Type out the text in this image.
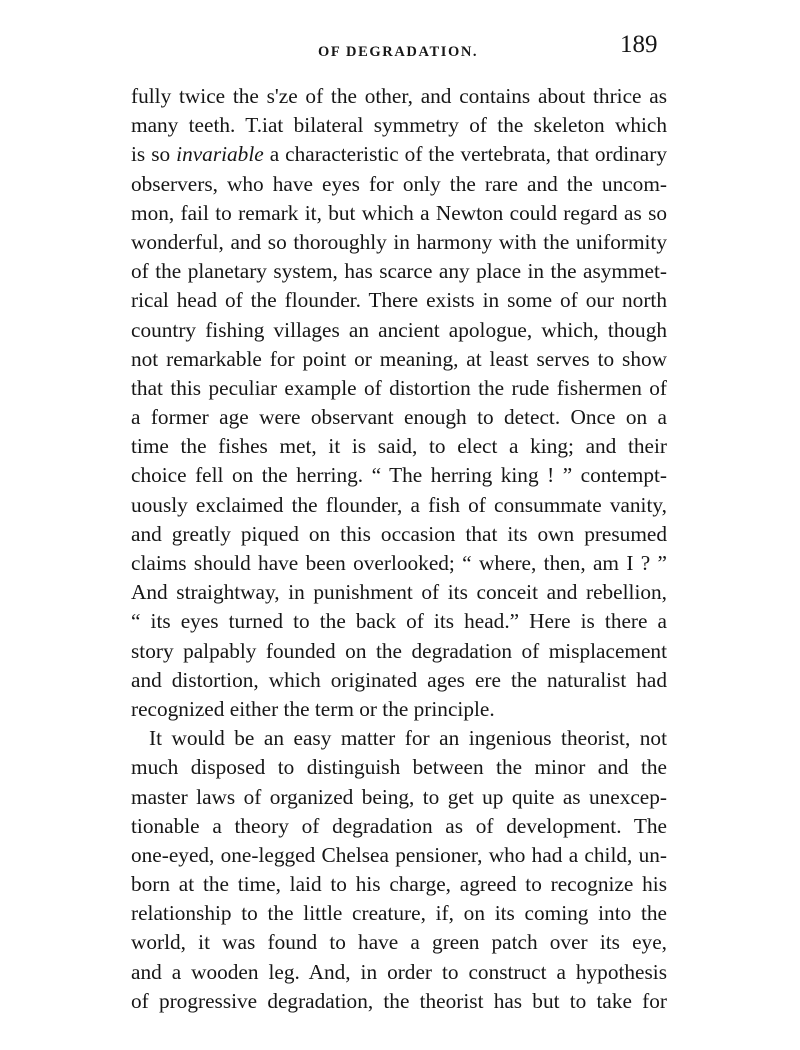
OF DEGRADATION.	189
fully twice the s'ze of the other, and contains about thrice as
many teeth. T.iat bilateral symmetry of the skeleton which
is so invariable a characteristic of the vertebrata, that ordinary
observers, who have eyes for only the rare and the uncom-
mon, fail to remark it, but which a Newton could regard as so
wonderful, and so thoroughly in harmony with the uniformity
of the planetary system, has scarce any place in the asymmet-
rical head of the flounder. There exists in some of our north
country fishing villages an ancient apologue, which, though
not remarkable for point or meaning, at least serves to show
that this peculiar example of distortion the rude fishermen of
a former age were observant enough to detect. Once on a
time the fishes met, it is said, to elect a king; and their
choice fell on the herring. “ The herring king ! ” contempt-
uously exclaimed the flounder, a fish of consummate vanity,
and greatly piqued on this occasion that its own presumed
claims should have been overlooked; “ where, then, am I ? ”
And straightway, in punishment of its conceit and rebellion,
“ its eyes turned to the back of its head.” Here is there a
story palpably founded on the degradation of misplacement
and distortion, which originated ages ere the naturalist had
recognized either the term or the principle.
It would be an easy matter for an ingenious theorist, not
much disposed to distinguish between the minor and the
master laws of organized being, to get up quite as unexcep-
tionable a theory of degradation as of development. The
one-eyed, one-legged Chelsea pensioner, who had a child, un-
born at the time, laid to his charge, agreed to recognize his
relationship to the little creature, if, on its coming into the
world, it was found to have a green patch over its eye,
and a wooden leg. And, in order to construct a hypothesis
of progressive degradation, the theorist has but to take for
